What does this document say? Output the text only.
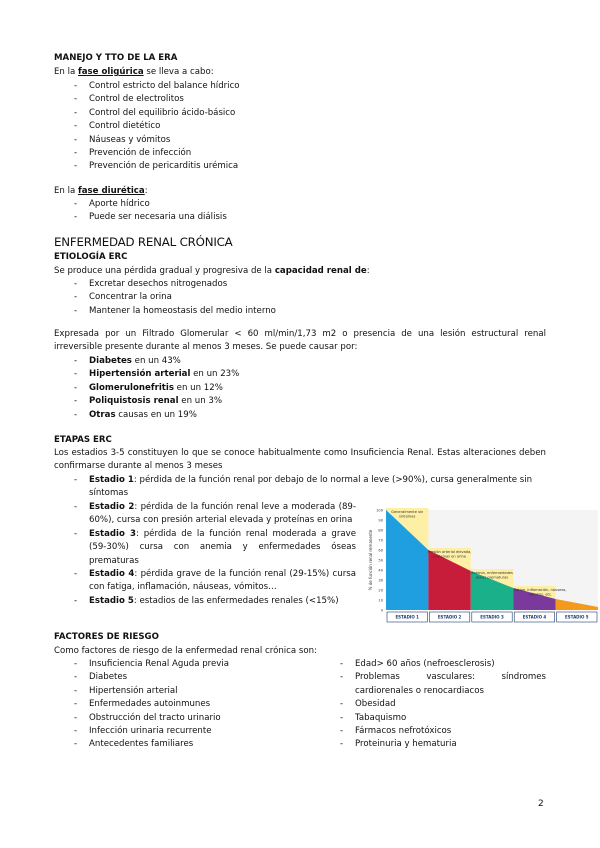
MANEJO Y TTO DE LA ERA
En la fase oligúrica se lleva a cabo:
- Control estricto del balance hídrico
- Control de electrolitos
- Control del equilibrio ácido-básico
- Control dietético
- Náuseas y vómitos
- Prevención de infección
- Prevención de pericarditis urémica
En la fase diurética:
- Aporte hídrico
- Puede ser necesaria una diálisis
ENFERMEDAD RENAL CRÓNICA
ETIOLOGÍA ERC
Se produce una pérdida gradual y progresiva de la capacidad renal de:
- Excretar desechos nitrogenados
- Concentrar la orina
- Mantener la homeostasis del medio interno
Expresada por un Filtrado Glomerular < 60 ml/min/1,73 m2 o presencia de una lesión estructural renal irreversible presente durante al menos 3 meses. Se puede causar por:
- Diabetes en un 43%
- Hipertensión arterial en un 23%
- Glomerulonefritis en un 12%
- Poliquistosis renal en un 3%
- Otras causas en un 19%
ETAPAS ERC
Los estadios 3-5 constituyen lo que se conoce habitualmente como Insuficiencia Renal. Estas alteraciones deben confirmarse durante al menos 3 meses
- Estadio 1: pérdida de la función renal por debajo de lo normal a leve (>90%), cursa generalmente sin síntomas
- Estadio 2: pérdida de la función renal leve a moderada (89-60%), cursa con presión arterial elevada y proteínas en orina
- Estadio 3: pérdida de la función renal moderada a grave (59-30%) cursa con anemia y enfermedades óseas prematuras
- Estadio 4: pérdida grave de la función renal (29-15%) cursa con fatiga, inflamación, náuseas, vómitos…
- Estadio 5: estadios de las enfermedades renales (<15%)
100
90
80
70
60
50
40
30
20
10
0
% de función renal remanente
ESTADIO 1	ESTADIO 2	ESTADIO 3	ESTADIO 4	ESTADIO 5
Generalmente sin
síntomas
Presión arterial elevada,
proteínas en orina
Anemia, enfermedades
óseas prematuras
Fatiga, inflamación, náuseas,
vómitos, etc.
FACTORES DE RIESGO
Como factores de riesgo de la enfermedad renal crónica son:
- Insuficiencia Renal Aguda previa
- Diabetes
- Hipertensión arterial
- Enfermedades autoinmunes
- Obstrucción del tracto urinario
- Infección urinaria recurrente
- Antecedentes familiares
- Edad> 60 años (nefroesclerosis)
- Problemas vasculares: síndromes cardiorenales o renocardiacos
- Obesidad
- Tabaquismo
- Fármacos nefrotóxicos
- Proteinuria y hematuria
2
